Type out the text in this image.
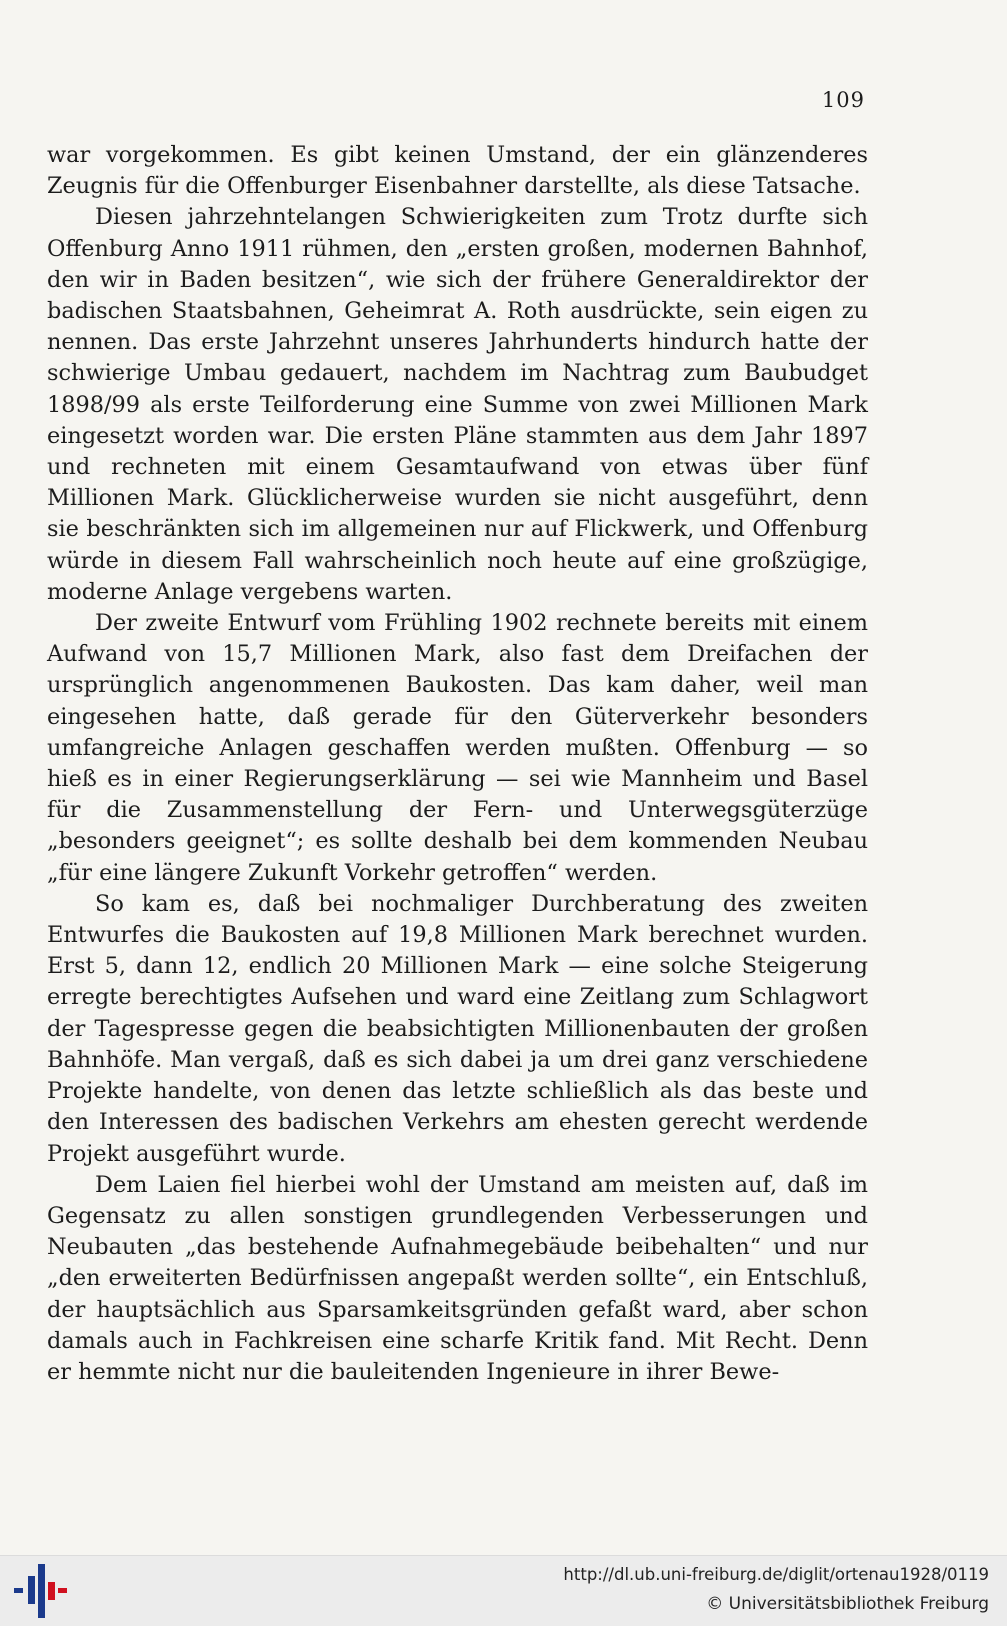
109

war vorgekommen. Es gibt keinen Umstand, der ein glänzenderes Zeugnis für die Offenburger Eisenbahner darstellte, als diese Tatsache.

Diesen jahrzehntelangen Schwierigkeiten zum Trotz durfte sich Offenburg Anno 1911 rühmen, den „ersten großen, modernen Bahnhof, den wir in Baden besitzen“, wie sich der frühere Generaldirektor der badischen Staatsbahnen, Geheimrat A. Roth ausdrückte, sein eigen zu nennen. Das erste Jahrzehnt unseres Jahrhunderts hindurch hatte der schwierige Umbau gedauert, nachdem im Nachtrag zum Baubudget 1898/99 als erste Teilforderung eine Summe von zwei Millionen Mark eingesetzt worden war. Die ersten Pläne stammten aus dem Jahr 1897 und rechneten mit einem Gesamtaufwand von etwas über fünf Millionen Mark. Glücklicherweise wurden sie nicht ausgeführt, denn sie beschränkten sich im allgemeinen nur auf Flickwerk, und Offenburg würde in diesem Fall wahrscheinlich noch heute auf eine großzügige, moderne Anlage vergebens warten.

Der zweite Entwurf vom Frühling 1902 rechnete bereits mit einem Aufwand von 15,7 Millionen Mark, also fast dem Dreifachen der ursprünglich angenommenen Baukosten. Das kam daher, weil man eingesehen hatte, daß gerade für den Güterverkehr besonders umfangreiche Anlagen geschaffen werden mußten. Offenburg — so hieß es in einer Regierungserklärung — sei wie Mannheim und Basel für die Zusammenstellung der Fern- und Unterwegsgüterzüge „besonders geeignet“; es sollte deshalb bei dem kommenden Neubau „für eine längere Zukunft Vorkehr getroffen“ werden.

So kam es, daß bei nochmaliger Durchberatung des zweiten Entwurfes die Baukosten auf 19,8 Millionen Mark berechnet wurden. Erst 5, dann 12, endlich 20 Millionen Mark — eine solche Steigerung erregte berechtigtes Aufsehen und ward eine Zeitlang zum Schlagwort der Tagespresse gegen die beabsichtigten Millionenbauten der großen Bahnhöfe. Man vergaß, daß es sich dabei ja um drei ganz verschiedene Projekte handelte, von denen das letzte schließlich als das beste und den Interessen des badischen Verkehrs am ehesten gerecht werdende Projekt ausgeführt wurde.

Dem Laien fiel hierbei wohl der Umstand am meisten auf, daß im Gegensatz zu allen sonstigen grundlegenden Verbesserungen und Neubauten „das bestehende Aufnahmegebäude beibehalten“ und nur „den erweiterten Bedürfnissen angepaßt werden sollte“, ein Entschluß, der hauptsächlich aus Sparsamkeitsgründen gefaßt ward, aber schon damals auch in Fachkreisen eine scharfe Kritik fand. Mit Recht. Denn er hemmte nicht nur die bauleitenden Ingenieure in ihrer Bewe-

http://dl.ub.uni-freiburg.de/diglit/ortenau1928/0119
© Universitätsbibliothek Freiburg
